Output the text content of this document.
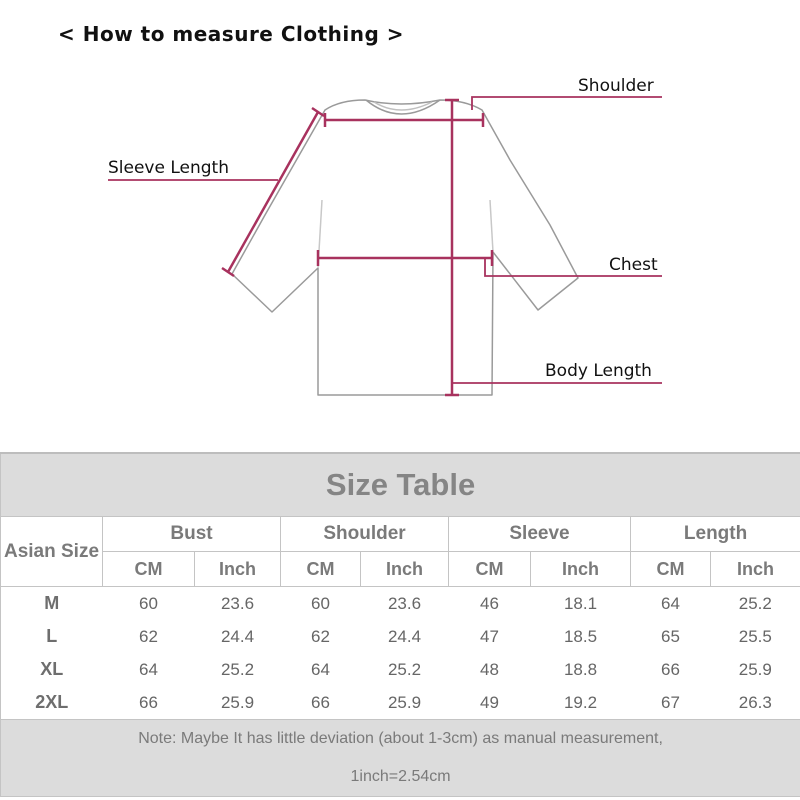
< How to measure Clothing >
Shoulder
Sleeve Length
Chest
Body Length
Size Table								
Asian Size	Bust		Shoulder		Sleeve		Length	
	CM	Inch	CM	Inch	CM	Inch	CM	Inch
M	60	23.6	60	23.6	46	18.1	64	25.2
L	62	24.4	62	24.4	47	18.5	65	25.5
XL	64	25.2	64	25.2	48	18.8	66	25.9
2XL	66	25.9	66	25.9	49	19.2	67	26.3

Note: Maybe It has little deviation (about 1-3cm) as manual measurement,
1inch=2.54cm								
